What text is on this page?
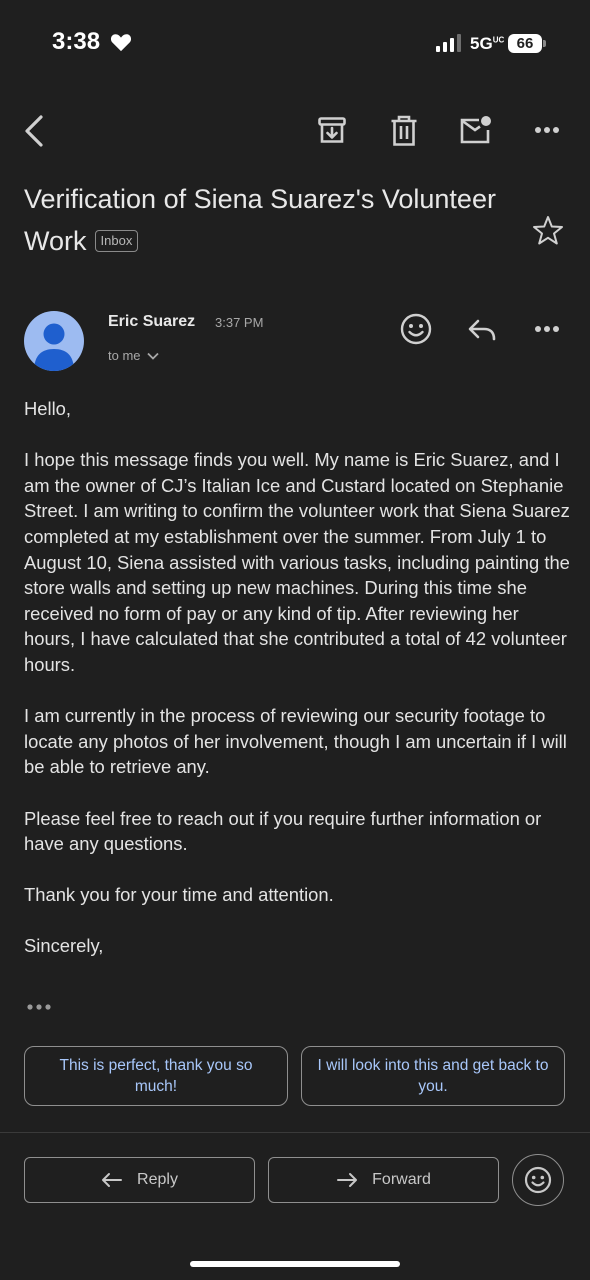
3:38	$5G^{UC}$ 66
Verification of Siena Suarez's Volunteer Work Inbox
Eric Suarez 3:37 PM
to me

Hello,

I hope this message finds you well. My name is Eric Suarez, and I am the owner of CJ’s Italian Ice and Custard located on Stephanie Street. I am writing to confirm the volunteer work that Siena Suarez completed at my establishment over the summer. From July 1 to August 10, Siena assisted with various tasks, including painting the store walls and setting up new machines. During this time she received no form of pay or any kind of tip. After reviewing her hours, I have calculated that she contributed a total of 42 volunteer hours.

I am currently in the process of reviewing our security footage to locate any photos of her involvement, though I am uncertain if I will be able to retrieve any.

Please feel free to reach out if you require further information or have any questions.

Thank you for your time and attention.

Sincerely,

This is perfect, thank you so much!
I will look into this and get back to you.
Reply	Forward
